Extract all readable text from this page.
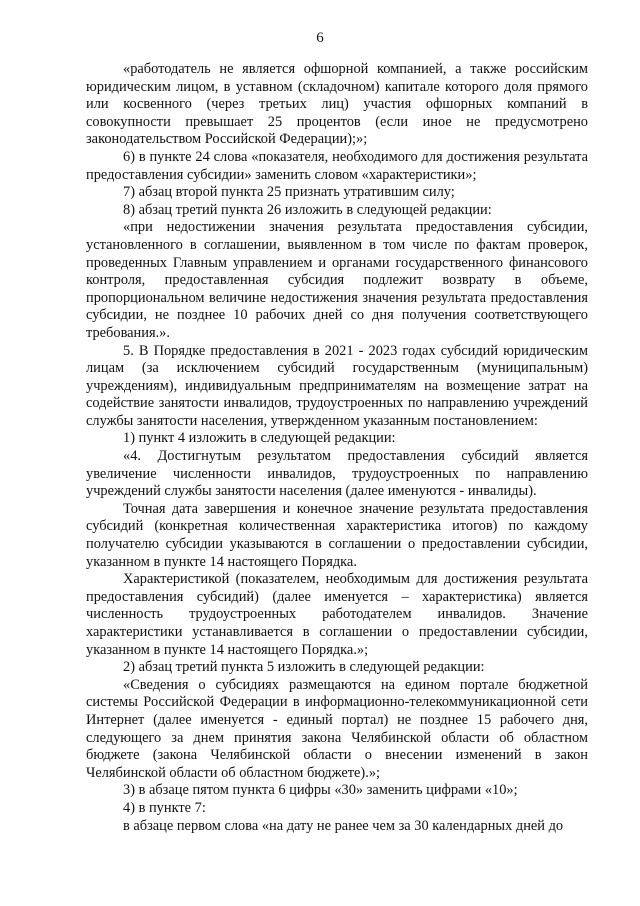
6

«работодатель не является офшорной компанией, а также российским юридическим лицом, в уставном (складочном) капитале которого доля прямого или косвенного (через третьих лиц) участия офшорных компаний в совокупности превышает 25 процентов (если иное не предусмотрено законодательством Российской Федерации);»;

6) в пункте 24 слова «показателя, необходимого для достижения результата предоставления субсидии» заменить словом «характеристики»;

7) абзац второй пункта 25 признать утратившим силу;

8) абзац третий пункта 26 изложить в следующей редакции:

«при недостижении значения результата предоставления субсидии, установленного в соглашении, выявленном в том числе по фактам проверок, проведенных Главным управлением и органами государственного финансового контроля, предоставленная субсидия подлежит возврату в объеме, пропорциональном величине недостижения значения результата предоставления субсидии, не позднее 10 рабочих дней со дня получения соответствующего требования.».

5. В Порядке предоставления в 2021 - 2023 годах субсидий юридическим лицам (за исключением субсидий государственным (муниципальным) учреждениям), индивидуальным предпринимателям на возмещение затрат на содействие занятости инвалидов, трудоустроенных по направлению учреждений службы занятости населения, утвержденном указанным постановлением:

1) пункт 4 изложить в следующей редакции:

«4. Достигнутым результатом предоставления субсидий является увеличение численности инвалидов, трудоустроенных по направлению учреждений службы занятости населения (далее именуются - инвалиды).

Точная дата завершения и конечное значение результата предоставления субсидий (конкретная количественная характеристика итогов) по каждому получателю субсидии указываются в соглашении о предоставлении субсидии, указанном в пункте 14 настоящего Порядка.

Характеристикой (показателем, необходимым для достижения результата предоставления субсидий) (далее именуется – характеристика) является численность трудоустроенных работодателем инвалидов. Значение характеристики устанавливается в соглашении о предоставлении субсидии, указанном в пункте 14 настоящего Порядка.»;

2) абзац третий пункта 5 изложить в следующей редакции:

«Сведения о субсидиях размещаются на едином портале бюджетной системы Российской Федерации в информационно-телекоммуникационной сети Интернет (далее именуется - единый портал) не позднее 15 рабочего дня, следующего за днем принятия закона Челябинской области об областном бюджете (закона Челябинской области о внесении изменений в закон Челябинской области об областном бюджете).»;

3) в абзаце пятом пункта 6 цифры «30» заменить цифрами «10»;

4) в пункте 7:

в абзаце первом слова «на дату не ранее чем за 30 календарных дней до
